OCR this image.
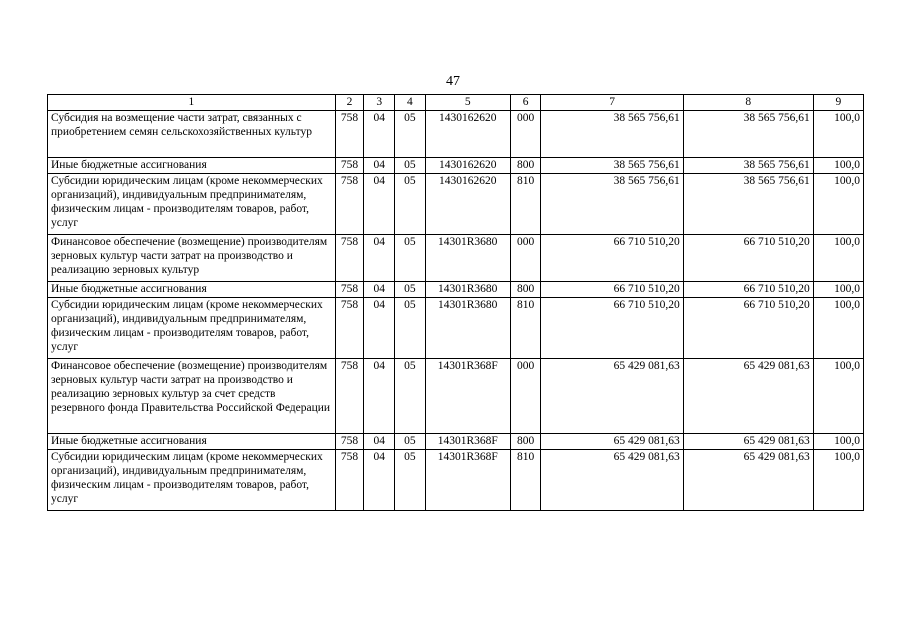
47
1	2	3	4	5	6	7	8	9
Субсидия на возмещение части затрат, связанных с приобретением семян сельскохозяйственных культур	758	04	05	1430162620	000	38 565 756,61	38 565 756,61	100,0
Иные бюджетные ассигнования	758	04	05	1430162620	800	38 565 756,61	38 565 756,61	100,0
Субсидии юридическим лицам (кроме некоммерческих организаций), индивидуальным предпринимателям, физическим лицам - производителям товаров, работ, услуг	758	04	05	1430162620	810	38 565 756,61	38 565 756,61	100,0
Финансовое обеспечение (возмещение) производителям зерновых культур части затрат на производство и реализацию зерновых культур	758	04	05	14301R3680	000	66 710 510,20	66 710 510,20	100,0
Иные бюджетные ассигнования	758	04	05	14301R3680	800	66 710 510,20	66 710 510,20	100,0
Субсидии юридическим лицам (кроме некоммерческих организаций), индивидуальным предпринимателям, физическим лицам - производителям товаров, работ, услуг	758	04	05	14301R3680	810	66 710 510,20	66 710 510,20	100,0
Финансовое обеспечение (возмещение) производителям зерновых культур части затрат на производство и реализацию зерновых культур за счет средств резервного фонда Правительства Российской Федерации	758	04	05	14301R368F	000	65 429 081,63	65 429 081,63	100,0
Иные бюджетные ассигнования	758	04	05	14301R368F	800	65 429 081,63	65 429 081,63	100,0
Субсидии юридическим лицам (кроме некоммерческих организаций), индивидуальным предпринимателям, физическим лицам - производителям товаров, работ, услуг	758	04	05	14301R368F	810	65 429 081,63	65 429 081,63	100,0
